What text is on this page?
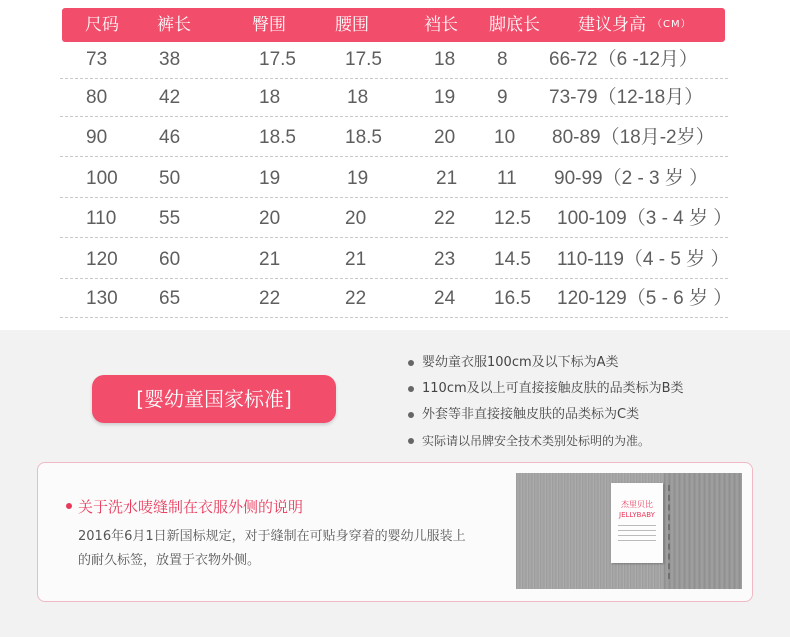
尺码 裤长	臀围	腰围	裆长 脚底长 建议身高 （CM）
73	38	17.5	17.5	18 8 66-72（6 -12月）
80	42	18	18	19 9 73-79（12-18月）
90	46	18.5	18.5	20 10 80-89（18月-2岁）
100 50	19	19	21 11 90-99（2 - 3 岁 ）
110 55	20	20	22 12.5 100-109（3 - 4 岁 ）
120 60	21	21	23 14.5 110-119（4 - 5 岁 ）
130 65	22	22	24 16.5 120-129（5 - 6 岁 ）
[婴幼童国家标准]
婴幼童衣服100cm及以下标为A类
110cm及以上可直接接触皮肤的品类标为B类
外套等非直接接触皮肤的品类标为C类
实际请以吊牌安全技术类别处标明的为准。
关于洗水唛缝制在衣服外侧的说明
2016年6月1日新国标规定，对于缝制在可贴身穿着的婴幼儿服装上的耐久标签，放置于衣物外侧。
杰里贝比
JELLYBABY
